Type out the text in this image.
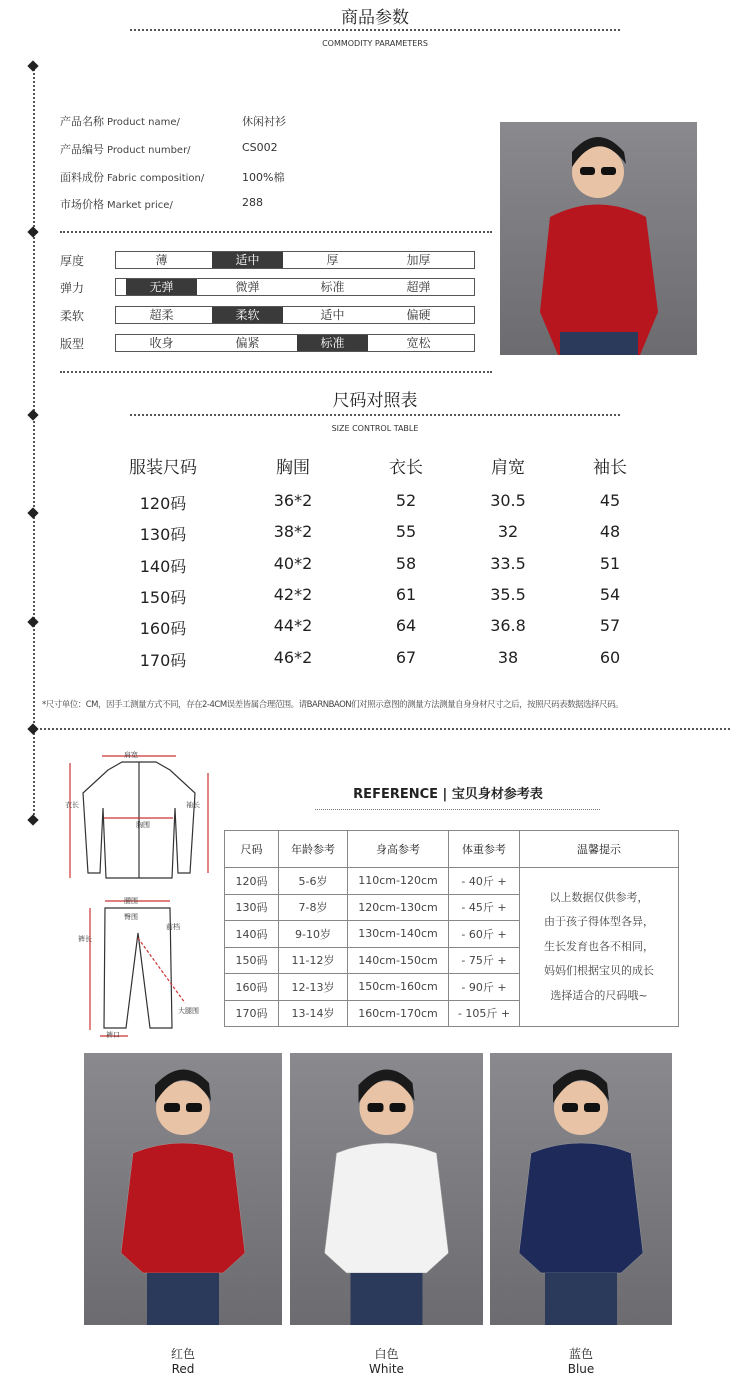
商品参数
COMMODITY PARAMETERS
产品名称 Product name/	休闲衬衫
产品编号 Product number/	CS002
面料成份 Fabric composition/	100%棉
市场价格 Market price/	288
厚度	薄	适中	厚	加厚
弹力	无弹	微弹	标准	超弹
柔软	超柔	柔软	适中	偏硬
版型	收身	偏紧	标准	宽松
尺码对照表
SIZE CONTROL TABLE
服装尺码	胸围	衣长	肩宽	袖长
120码	36*2	52	30.5	45
130码	38*2	55	32	48
140码	40*2	58	33.5	51
150码	42*2	61	35.5	54
160码	44*2	64	36.8	57
170码	46*2	67	38	60
*尺寸单位：CM，因手工测量方式不同，存在2-4CM误差皆属合理范围。请BARNBAON们对照示意图的测量方法测量自身身材尺寸之后，按照尺码表数据选择尺码。
肩宽
衣长	袖长
胸围
腰围
臀围
裤长
前档
大腿围
裤口
REFERENCE | 宝贝身材参考表
尺码	年龄参考	身高参考	体重参考	温馨提示
120码	5-6岁	110cm-120cm	- 40斤 +	以上数据仅供参考，
由于孩子得体型各异，
生长发育也各不相同，
妈妈们根据宝贝的成长
选择适合的尺码哦~

130码	7-8岁	120cm-130cm	- 45斤 +	
140码	9-10岁	130cm-140cm	- 60斤 +	
150码	11-12岁	140cm-150cm	- 75斤 +	
160码	12-13岁	150cm-160cm	- 90斤 +	
170码	13-14岁	160cm-170cm	- 105斤 +	
红色
Red
白色
White
蓝色
Blue
